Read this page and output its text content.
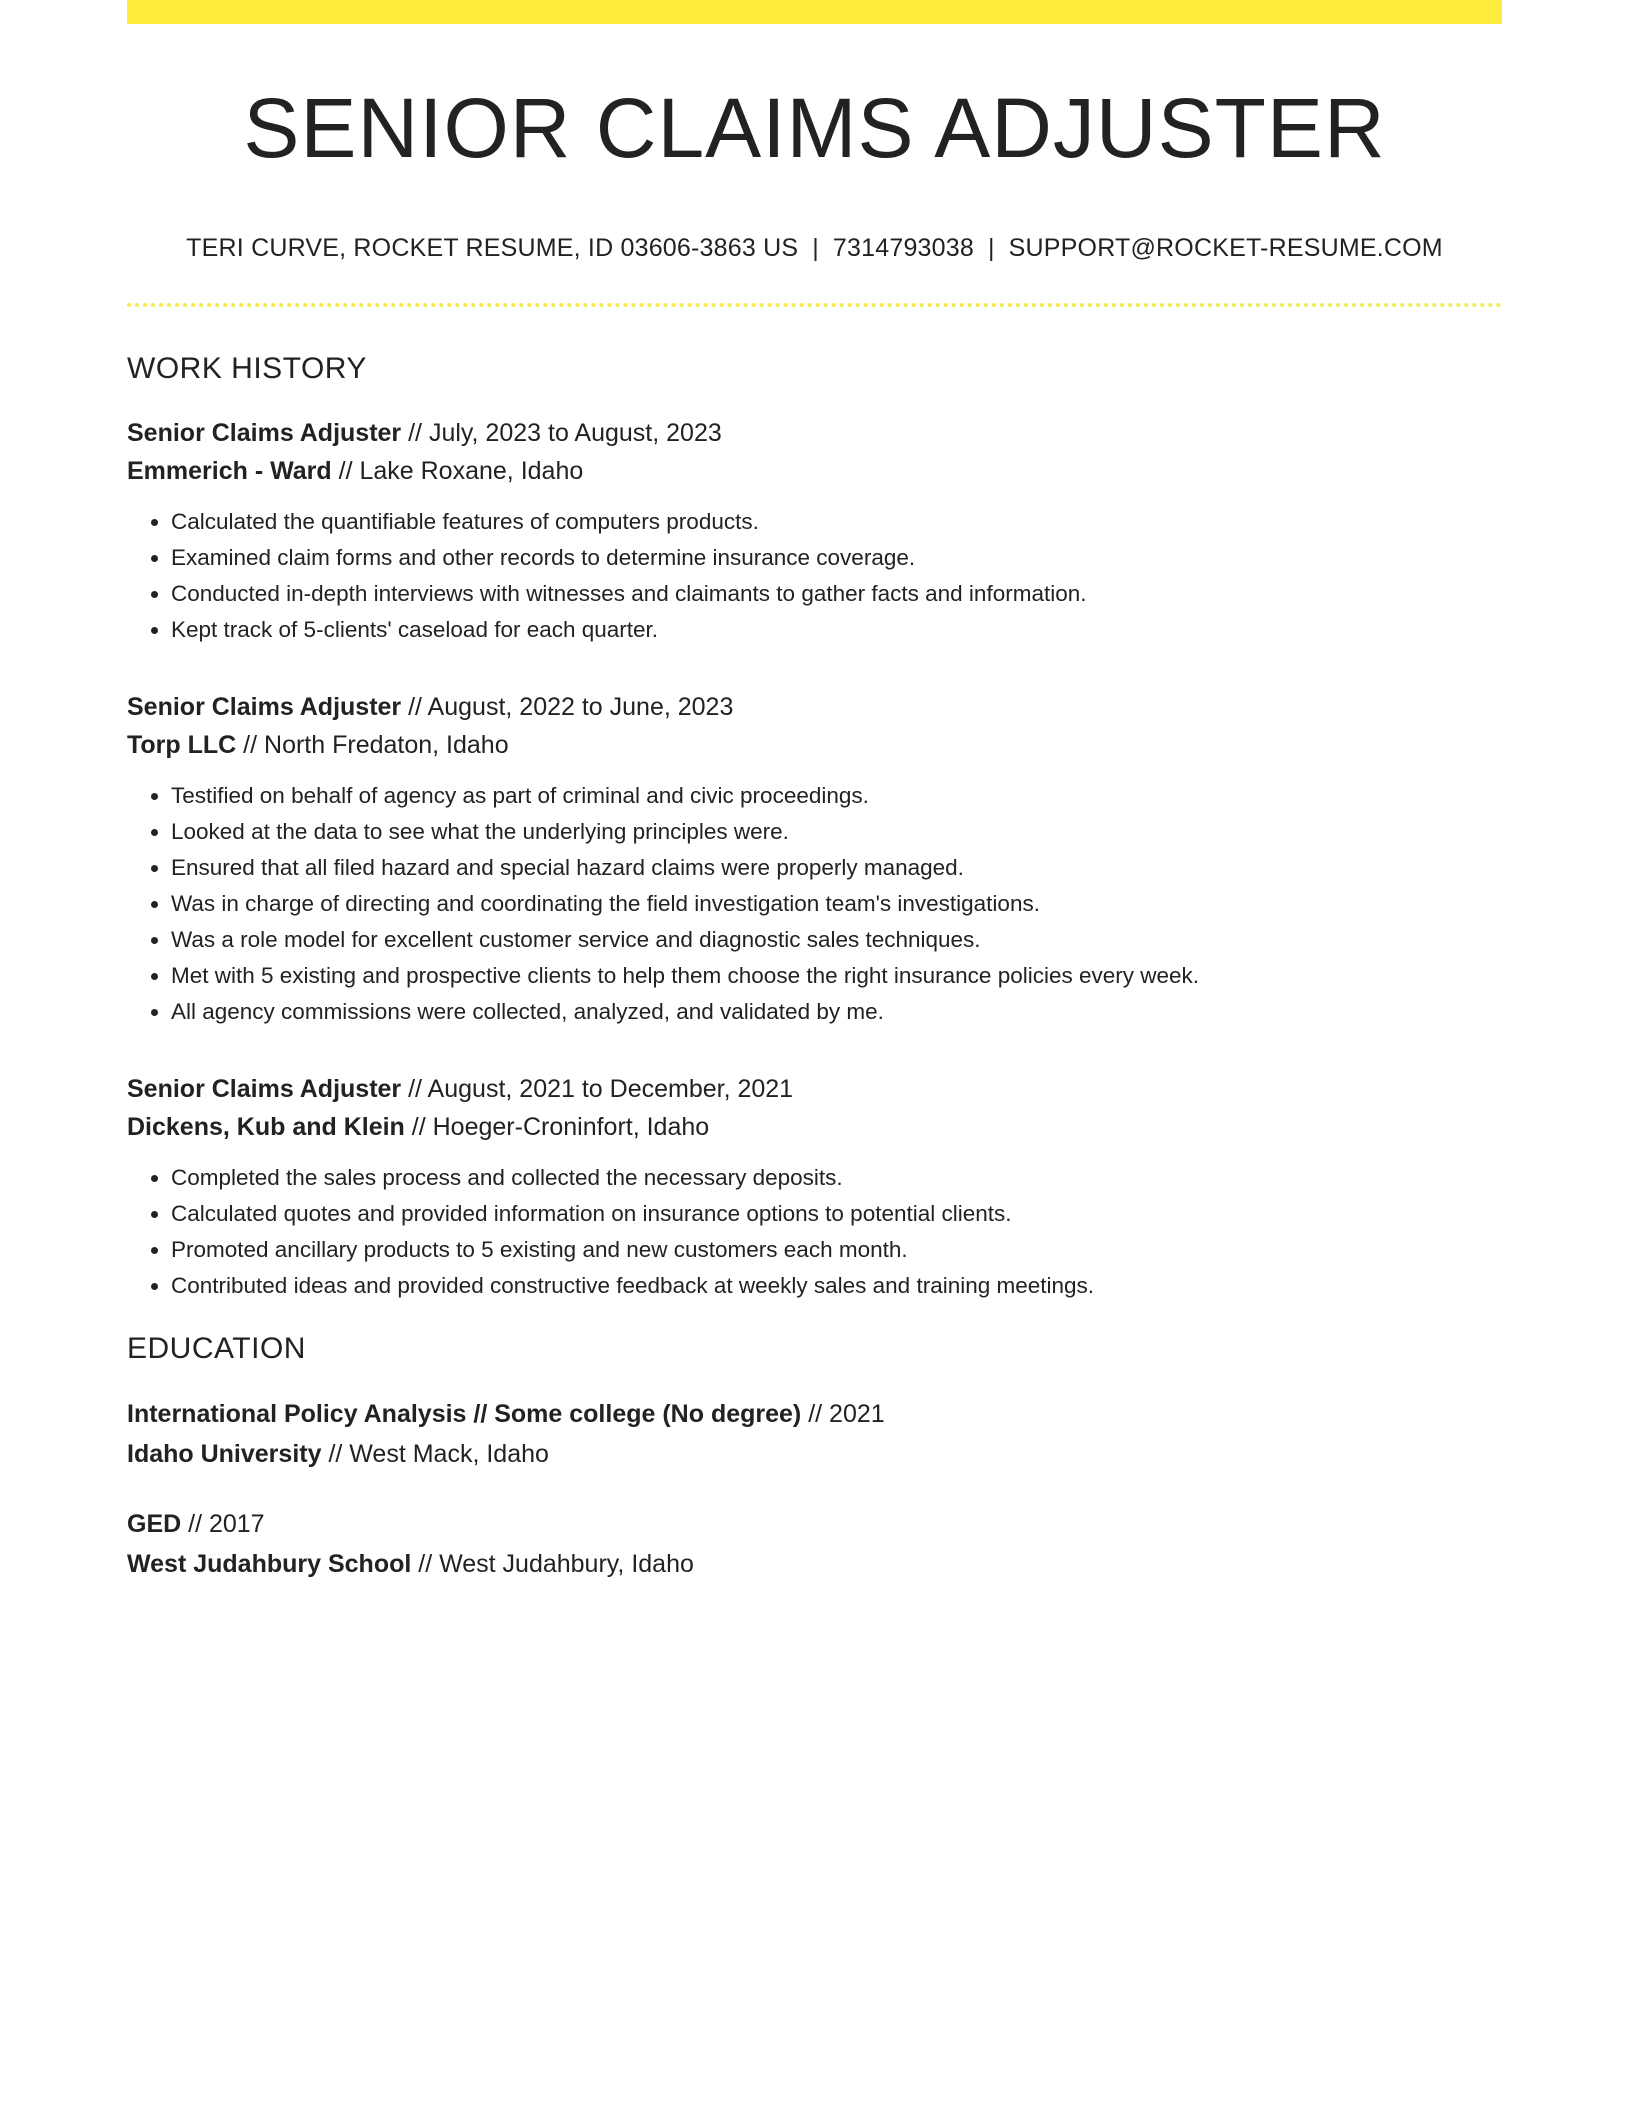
SENIOR CLAIMS ADJUSTER
TERI CURVE, ROCKET RESUME, ID 03606-3863 US | 7314793038 | SUPPORT@ROCKET-RESUME.COM
WORK HISTORY
Senior Claims Adjuster // July, 2023 to August, 2023
Emmerich - Ward // Lake Roxane, Idaho
• Calculated the quantifiable features of computers products.
• Examined claim forms and other records to determine insurance coverage.
• Conducted in-depth interviews with witnesses and claimants to gather facts and information.
• Kept track of 5-clients' caseload for each quarter.
Senior Claims Adjuster // August, 2022 to June, 2023
Torp LLC // North Fredaton, Idaho
• Testified on behalf of agency as part of criminal and civic proceedings.
• Looked at the data to see what the underlying principles were.
• Ensured that all filed hazard and special hazard claims were properly managed.
• Was in charge of directing and coordinating the field investigation team's investigations.
• Was a role model for excellent customer service and diagnostic sales techniques.
• Met with 5 existing and prospective clients to help them choose the right insurance policies every week.
• All agency commissions were collected, analyzed, and validated by me.
Senior Claims Adjuster // August, 2021 to December, 2021
Dickens, Kub and Klein // Hoeger-Croninfort, Idaho
• Completed the sales process and collected the necessary deposits.
• Calculated quotes and provided information on insurance options to potential clients.
• Promoted ancillary products to 5 existing and new customers each month.
• Contributed ideas and provided constructive feedback at weekly sales and training meetings.
EDUCATION
International Policy Analysis // Some college (No degree) // 2021
Idaho University // West Mack, Idaho
GED // 2017
West Judahbury School // West Judahbury, Idaho
